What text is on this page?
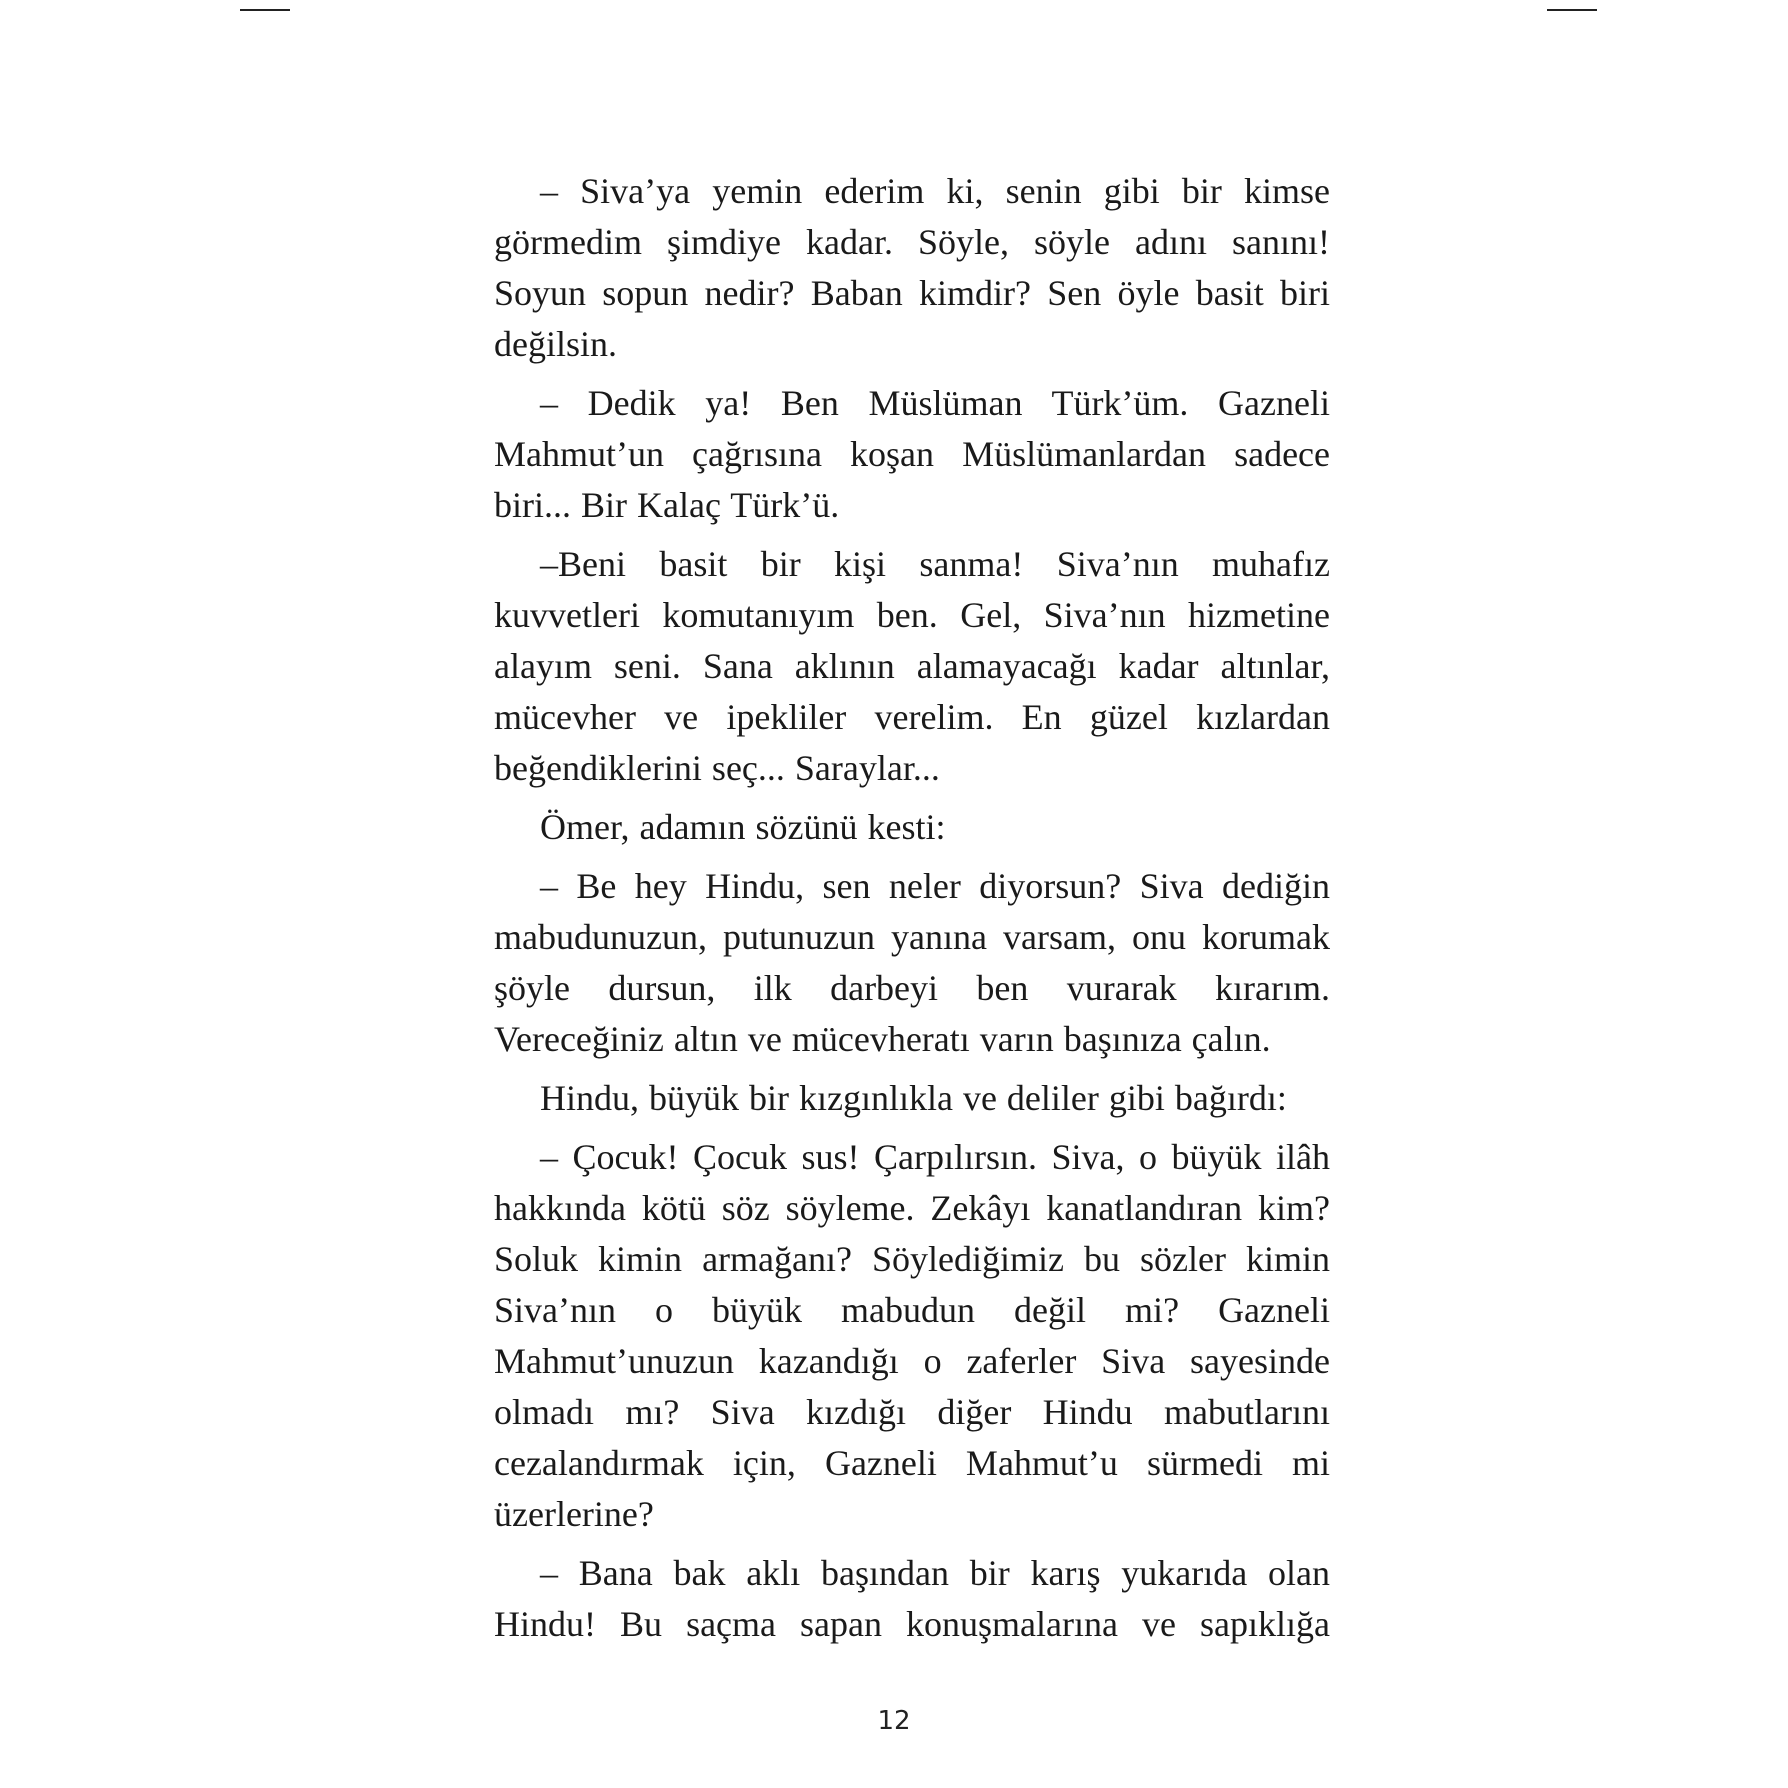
– Siva’ya yemin ederim ki, senin gibi bir kimse görmedim şimdiye kadar. Söyle, söyle adını sanını! Soyun sopun nedir? Baban kimdir? Sen öyle basit biri değilsin.

– Dedik ya! Ben Müslüman Türk’üm. Gazneli Mahmut’un çağrısına koşan Müslümanlardan sadece biri... Bir Kalaç Türk’ü.

–Beni basit bir kişi sanma! Siva’nın muhafız kuvvetleri komutanıyım ben. Gel, Siva’nın hizmetine alayım seni. Sana aklının alamayacağı kadar altınlar, mücevher ve ipekliler verelim. En güzel kızlardan beğendiklerini seç... Saraylar...

Ömer, adamın sözünü kesti:

– Be hey Hindu, sen neler diyorsun? Siva dediğin mabudunuzun, putunuzun yanına varsam, onu korumak şöyle dursun, ilk darbeyi ben vurarak kırarım. Vereceğiniz altın ve mücevheratı varın başınıza çalın.

Hindu, büyük bir kızgınlıkla ve deliler gibi bağırdı:

– Çocuk! Çocuk sus! Çarpılırsın. Siva, o büyük ilâh hakkında kötü söz söyleme. Zekâyı kanatlandıran kim? Soluk kimin armağanı? Söylediğimiz bu sözler kimin Siva’nın o büyük mabudun değil mi? Gazneli Mahmut’unuzun kazandığı o zaferler Siva sayesinde olmadı mı? Siva kızdığı diğer Hindu mabutlarını cezalandırmak için, Gazneli Mahmut’u sürmedi mi üzerlerine?

– Bana bak aklı başından bir karış yukarıda olan Hindu! Bu saçma sapan konuşmalarına ve sapıklığa

12
